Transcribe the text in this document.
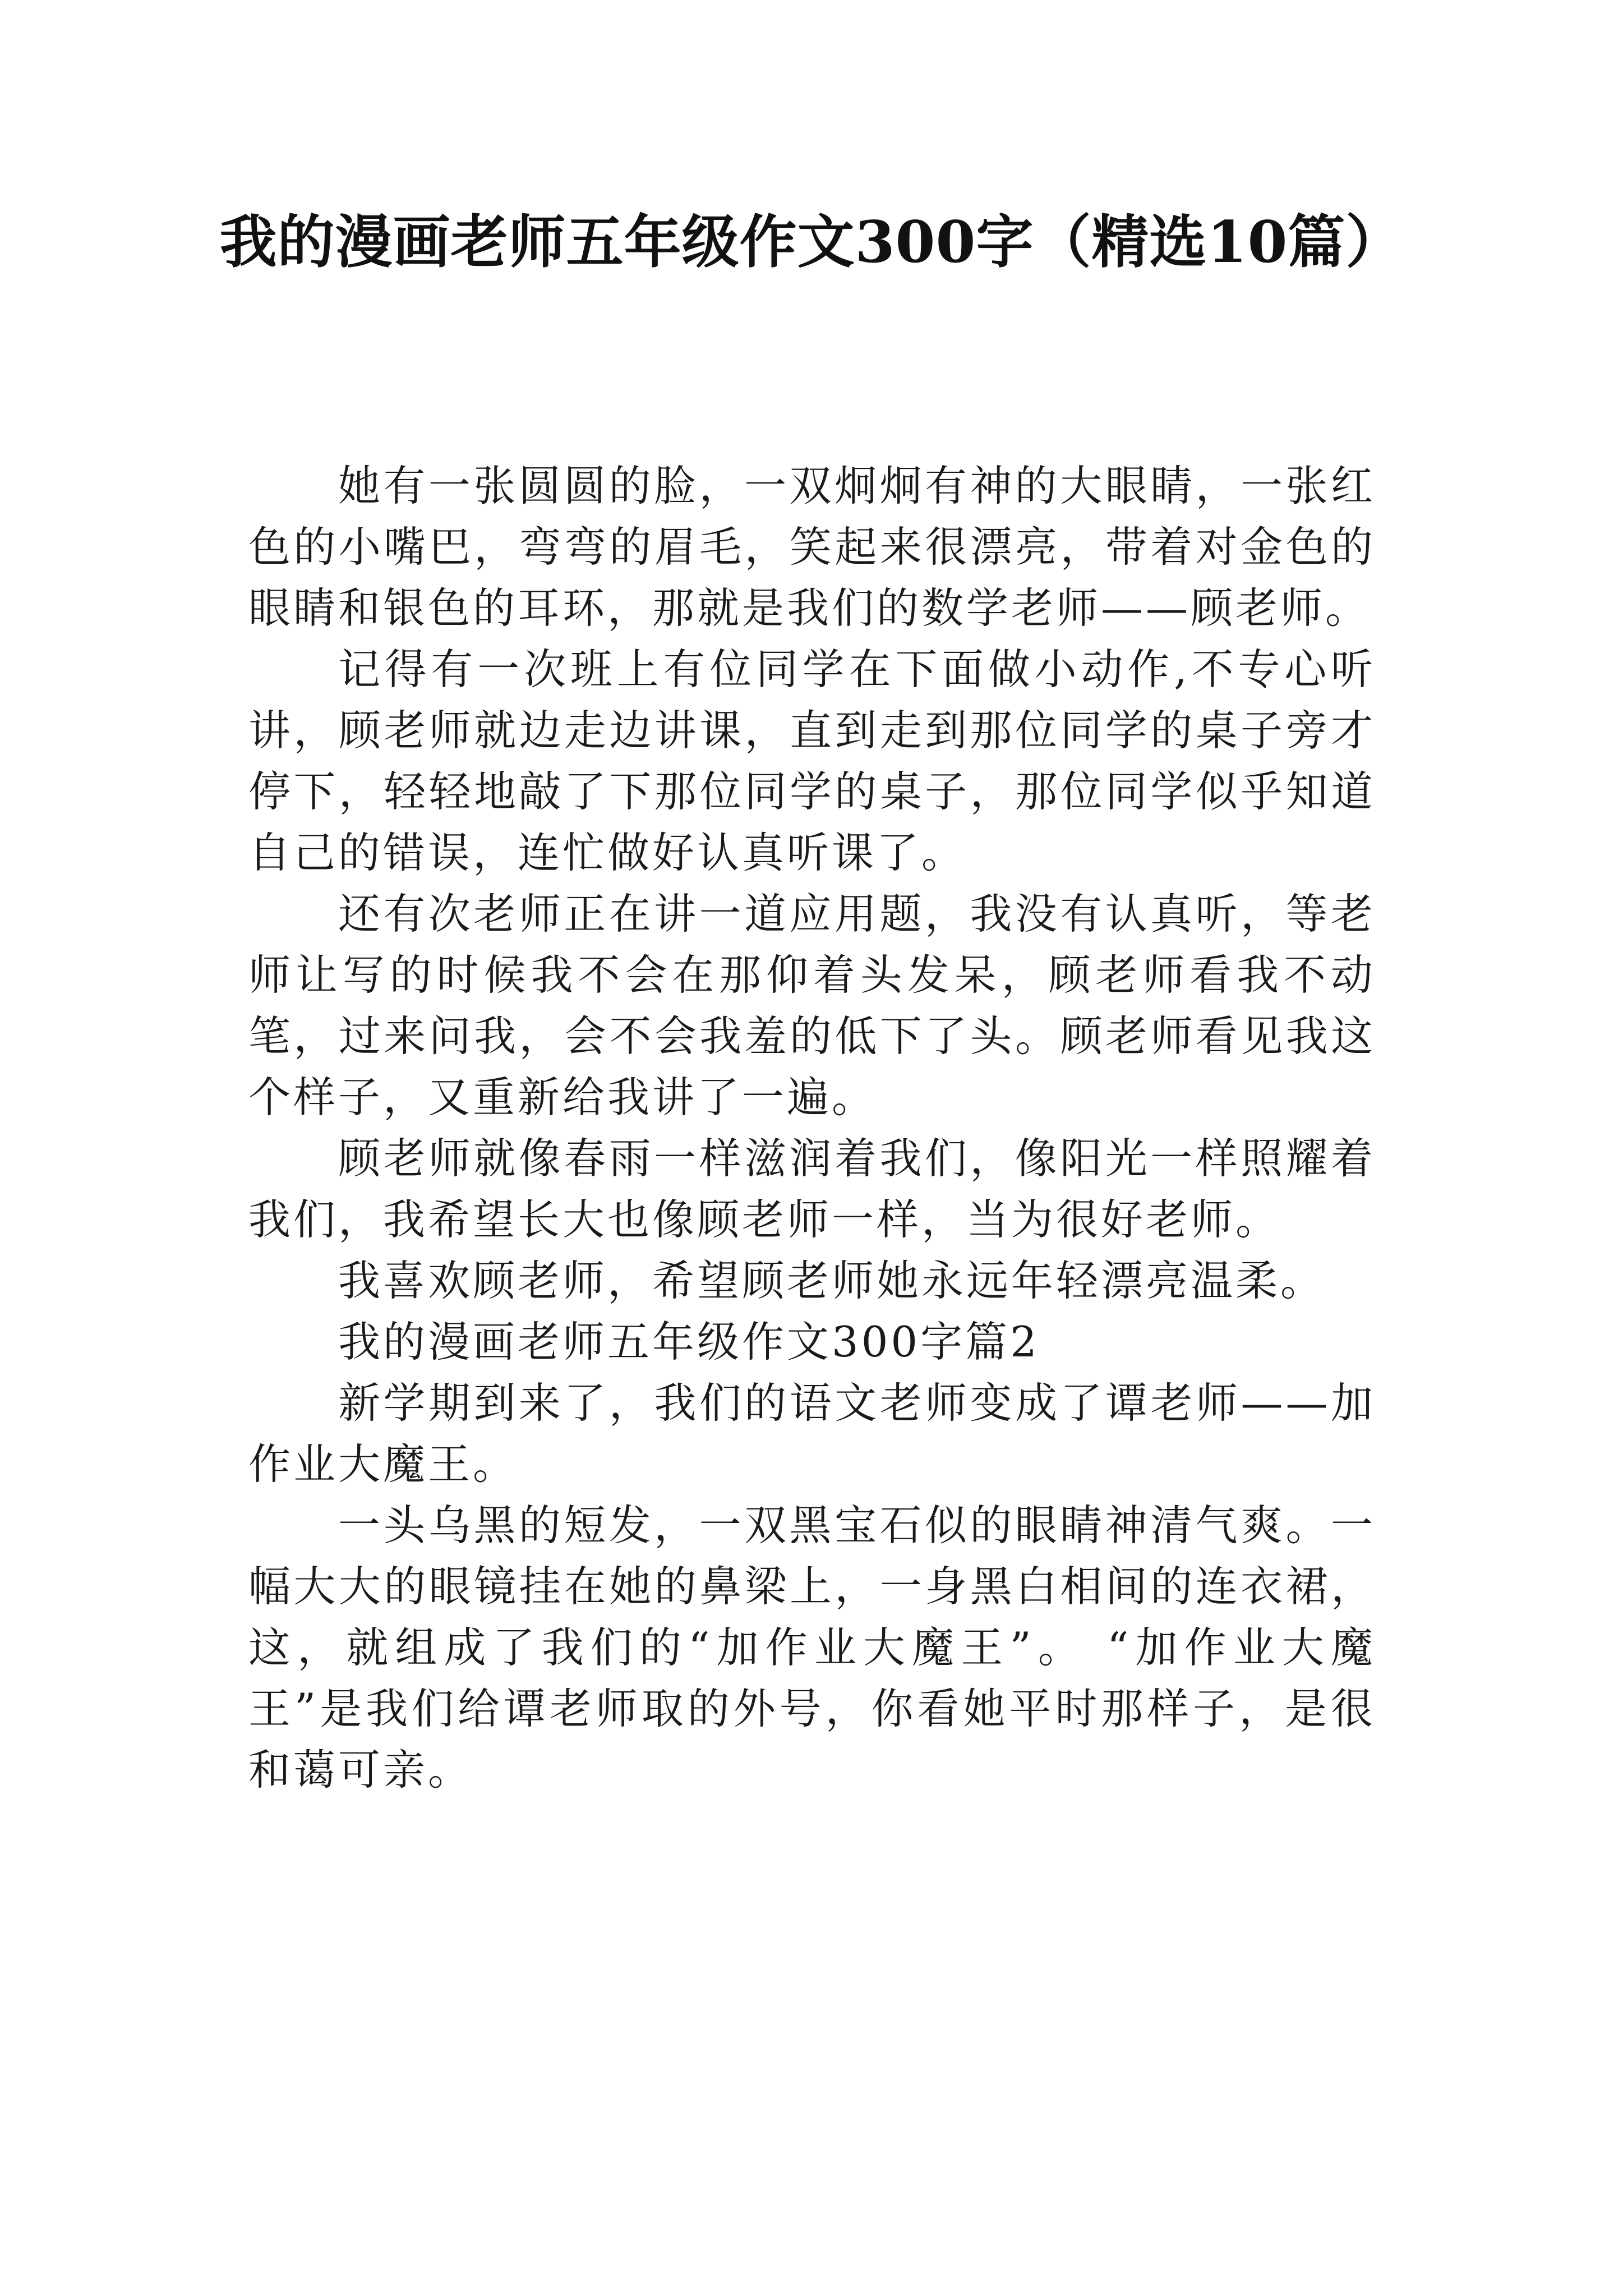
我的漫画老师五年级作文300字（精选10篇）

她有一张圆圆的脸，一双炯炯有神的大眼睛，一张红色的小嘴巴，弯弯的眉毛，笑起来很漂亮，带着对金色的眼睛和银色的耳环，那就是我们的数学老师——顾老师。

记得有一次班上有位同学在下面做小动作,不专心听讲，顾老师就边走边讲课，直到走到那位同学的桌子旁才停下，轻轻地敲了下那位同学的桌子，那位同学似乎知道自己的错误，连忙做好认真听课了。

还有次老师正在讲一道应用题，我没有认真听，等老师让写的时候我不会在那仰着头发呆，顾老师看我不动笔，过来问我，会不会我羞的低下了头。顾老师看见我这个样子，又重新给我讲了一遍。

顾老师就像春雨一样滋润着我们，像阳光一样照耀着我们，我希望长大也像顾老师一样，当为很好老师。

我喜欢顾老师，希望顾老师她永远年轻漂亮温柔。

我的漫画老师五年级作文300字篇2

新学期到来了，我们的语文老师变成了谭老师——加作业大魔王。

一头乌黑的短发，一双黑宝石似的眼睛神清气爽。一幅大大的眼镜挂在她的鼻梁上，一身黑白相间的连衣裙，这，就组成了我们的“加作业大魔王”。 “加作业大魔王”是我们给谭老师取的外号，你看她平时那样子，是很和蔼可亲。
